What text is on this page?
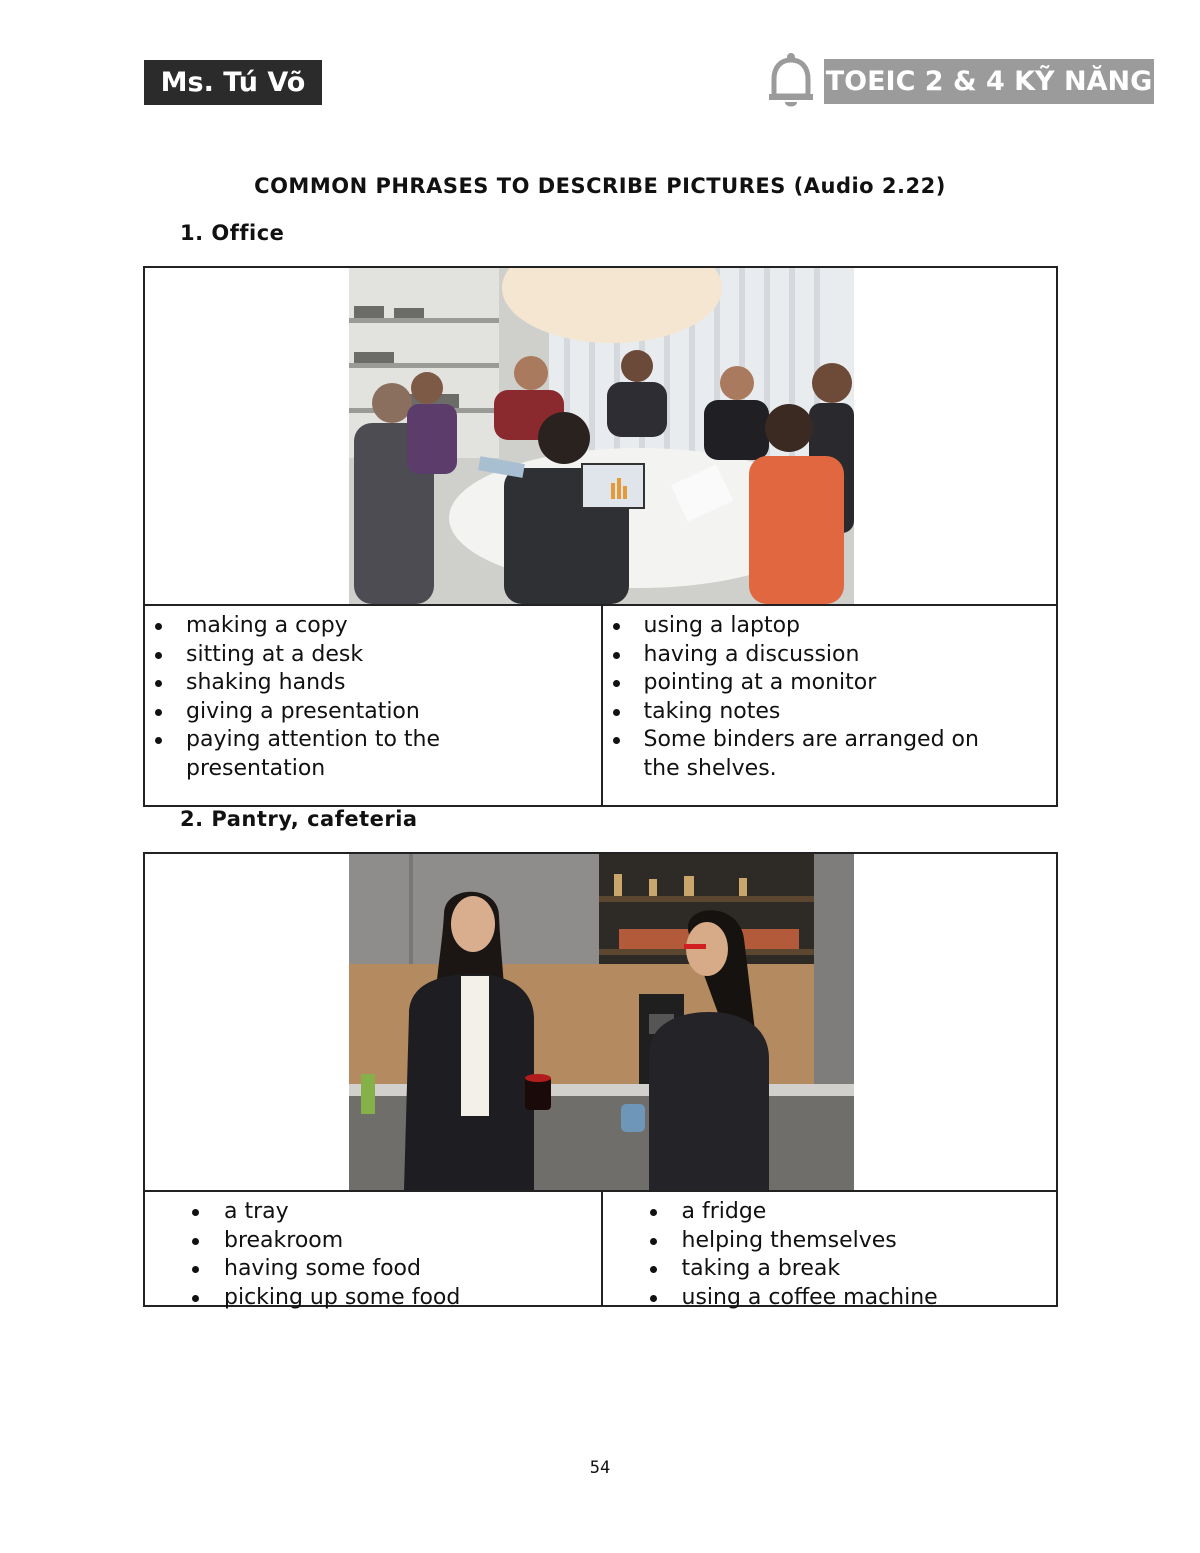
Ms. Tú Võ	TOEIC 2 & 4 KỸ NĂNG
COMMON PHRASES TO DESCRIBE PICTURES (Audio 2.22)
1. Office
making a copy
sitting at a desk
shaking hands
giving a presentation
paying attention to the presentation
using a laptop
having a discussion
pointing at a monitor
taking notes
Some binders are arranged on the shelves.
2. Pantry, cafeteria
a tray
breakroom
having some food
picking up some food
a fridge
helping themselves
taking a break
using a coffee machine
54
